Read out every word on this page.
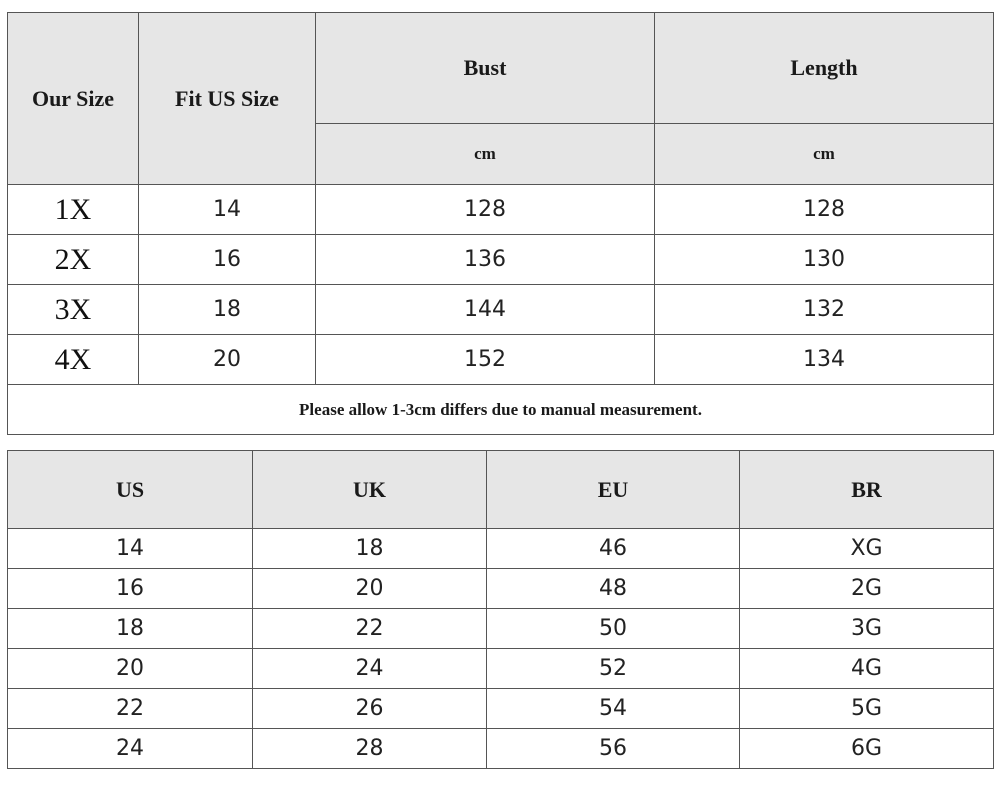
Our Size	Fit US Size	Bust	Length
		cm	cm
1X	14	128	128
2X	16	136	130
3X	18	144	132
4X	20	152	134
Please allow 1-3cm differs due to manual measurement.			
US	UK	EU	BR
14	18	46	XG
16	20	48	2G
18	22	50	3G
20	24	52	4G
22	26	54	5G
24	28	56	6G
